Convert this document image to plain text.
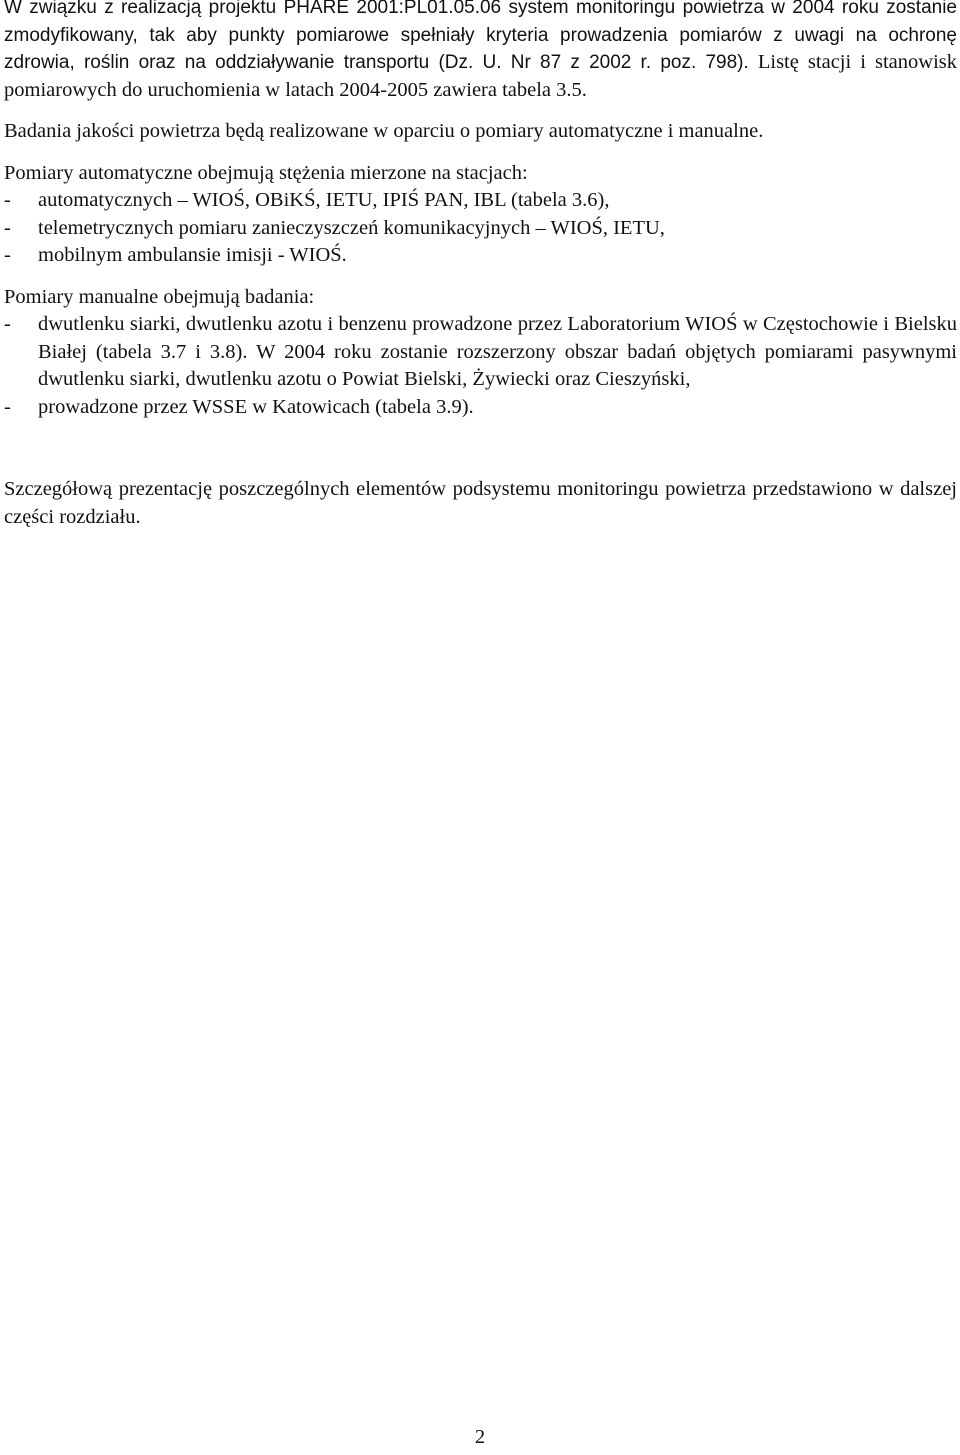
W związku z realizacją projektu PHARE 2001:PL01.05.06 system monitoringu powietrza w 2004 roku zostanie zmodyfikowany, tak aby punkty pomiarowe spełniały kryteria prowadzenia pomiarów z uwagi na ochronę zdrowia, roślin oraz na oddziaływanie transportu (Dz. U. Nr 87 z 2002 r. poz. 798). Listę stacji i stanowisk pomiarowych do uruchomienia w latach 2004-2005 zawiera tabela 3.5.

Badania jakości powietrza będą realizowane w oparciu o pomiary automatyczne i manualne.

Pomiary automatyczne obejmują stężenia mierzone na stacjach:

- automatycznych – WIOŚ, OBiKŚ, IETU, IPIŚ PAN, IBL (tabela 3.6),
- telemetrycznych pomiaru zanieczyszczeń komunikacyjnych – WIOŚ, IETU,
- mobilnym ambulansie imisji - WIOŚ.

Pomiary manualne obejmują badania:

- dwutlenku siarki, dwutlenku azotu i benzenu prowadzone przez Laboratorium WIOŚ w Częstochowie i Bielsku Białej (tabela 3.7 i 3.8). W 2004 roku zostanie rozszerzony obszar badań objętych pomiarami pasywnymi dwutlenku siarki, dwutlenku azotu o Powiat Bielski, Żywiecki oraz Cieszyński,
- prowadzone przez WSSE w Katowicach (tabela 3.9).

Szczegółową prezentację poszczególnych elementów podsystemu monitoringu powietrza przedstawiono w dalszej części rozdziału.

2
